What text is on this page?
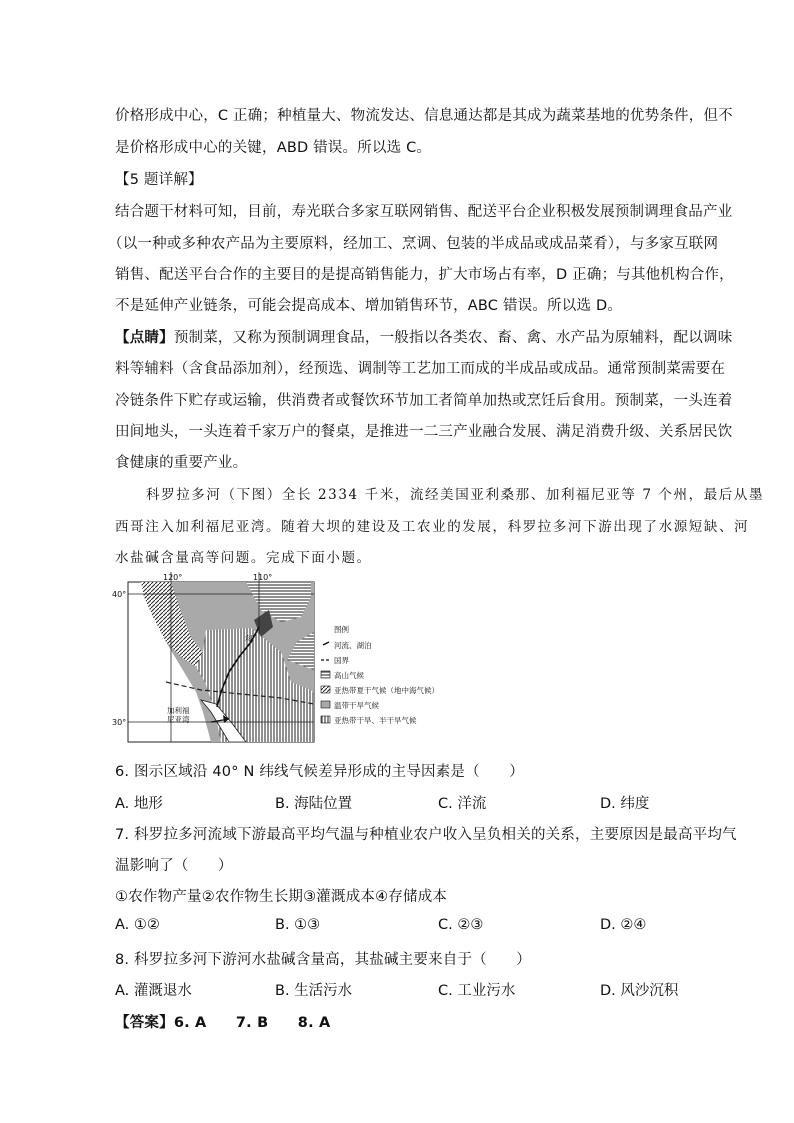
价格形成中心，C 正确；种植量大、物流发达、信息通达都是其成为蔬菜基地的优势条件，但不
是价格形成中心的关键，ABD 错误。所以选 C。
【5 题详解】
结合题干材料可知，目前，寿光联合多家互联网销售、配送平台企业积极发展预制调理食品产业
（以一种或多种农产品为主要原料，经加工、烹调、包装的半成品或成品菜肴），与多家互联网
销售、配送平台合作的主要目的是提高销售能力，扩大市场占有率，D 正确；与其他机构合作，
不是延伸产业链条，可能会提高成本、增加销售环节，ABC 错误。所以选 D。
【点睛】预制菜，又称为预制调理食品，一般指以各类农、畜、禽、水产品为原辅料，配以调味
料等辅料（含食品添加剂），经预选、调制等工艺加工而成的半成品或成品。通常预制菜需要在
冷链条件下贮存或运输，供消费者或餐饮环节加工者简单加热或烹饪后食用。预制菜，一头连着
田间地头，一头连着千家万户的餐桌，是推进一二三产业融合发展、满足消费升级、关系居民饮
食健康的重要产业。
科罗拉多河（下图）全长 2334 千米，流经美国亚利桑那、加利福尼亚等 7 个州，最后从墨
西哥注入加利福尼亚湾。随着大坝的建设及工农业的发展，科罗拉多河下游出现了水源短缺、河
水盐碱含量高等问题。完成下面小题。
120°	110°
40°
30°
加利福
尼亚湾
科
图例
河流、湖泊
国界
高山气候
亚热带夏干气候（地中海气候）
温带干旱气候
亚热带干旱、半干旱气候
6. 图示区域沿 40° N 纬线气候差异形成的主导因素是（　　）
A. 地形	B. 海陆位置	C. 洋流	D. 纬度
7. 科罗拉多河流域下游最高平均气温与种植业农户收入呈负相关的关系，主要原因是最高平均气
温影响了（　　）
①农作物产量②农作物生长期③灌溉成本④存储成本
A. ①②	B. ①③	C. ②③	D. ②④
8. 科罗拉多河下游河水盐碱含量高，其盐碱主要来自于（　　）
A. 灌溉退水	B. 生活污水	C. 工业污水	D. 风沙沉积
【答案】6. A　　7. B　　8. A
